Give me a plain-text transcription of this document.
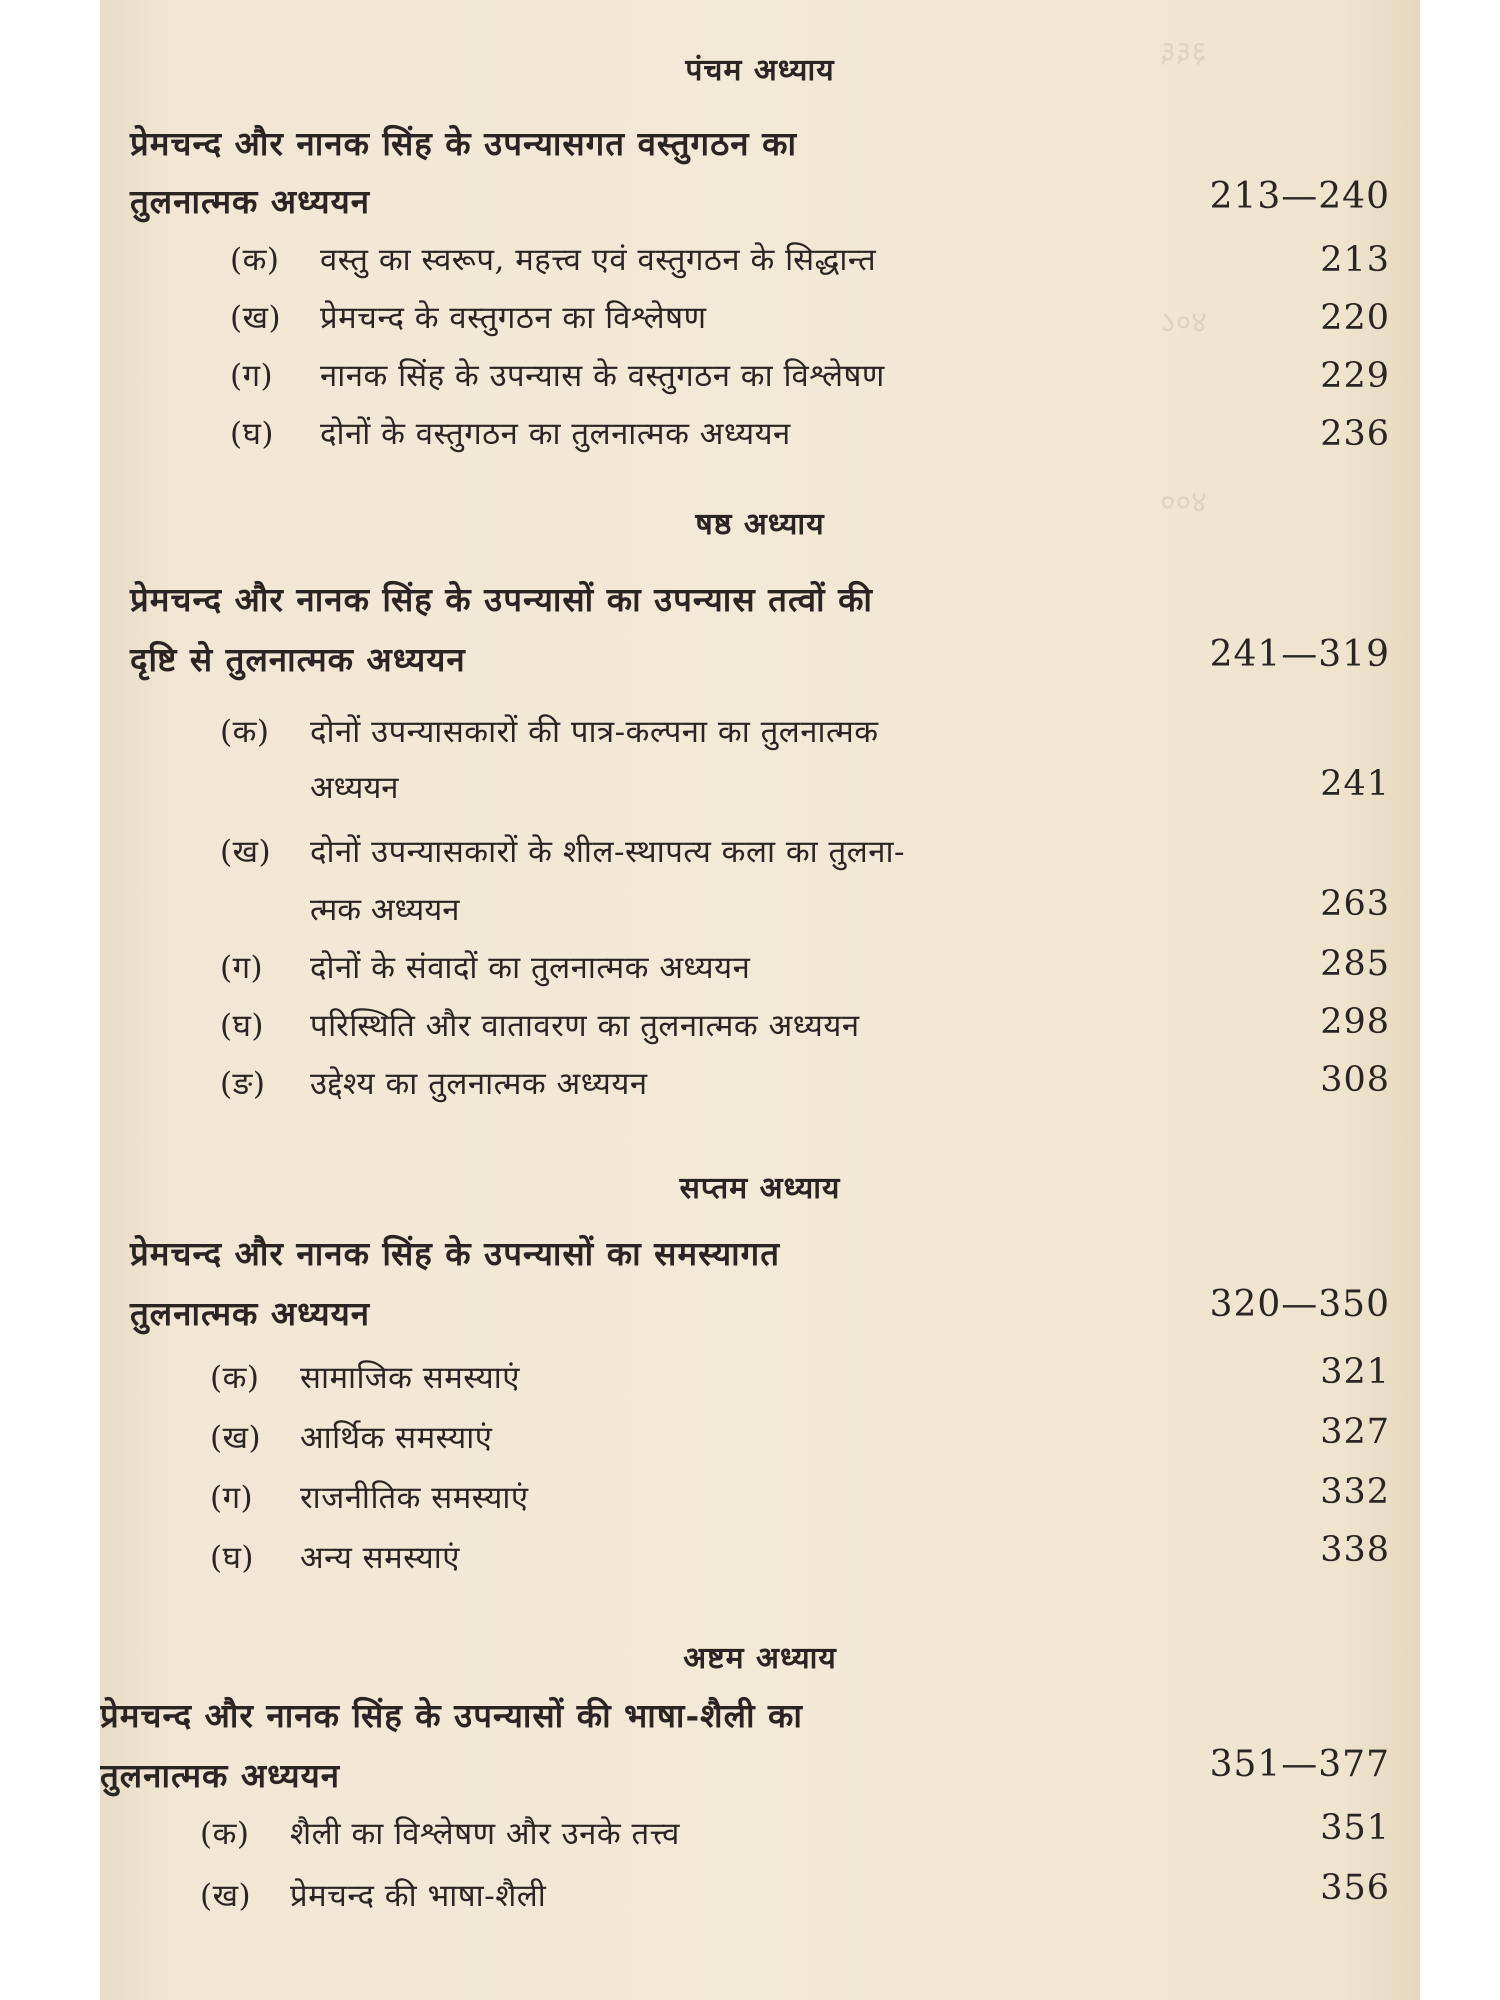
३६६
४०८
४००
पंचम अध्याय
प्रेमचन्द और नानक सिंह के उपन्यासगत वस्तुगठन का
तुलनात्मक अध्ययन	213—240
(क) वस्तु का स्वरूप, महत्त्व एवं वस्तुगठन के सिद्धान्त	213
(ख) प्रेमचन्द के वस्तुगठन का विश्लेषण	220
(ग) नानक सिंह के उपन्यास के वस्तुगठन का विश्लेषण	229
(घ) दोनों के वस्तुगठन का तुलनात्मक अध्ययन	236
षष्ठ अध्याय
प्रेमचन्द और नानक सिंह के उपन्यासों का उपन्यास तत्वों की
दृष्टि से तुलनात्मक अध्ययन	241—319
(क) दोनों उपन्यासकारों की पात्र-कल्पना का तुलनात्मक
अध्ययन	241
(ख) दोनों उपन्यासकारों के शील-स्थापत्य कला का तुलना-
त्मक अध्ययन	263
(ग) दोनों के संवादों का तुलनात्मक अध्ययन	285
(घ) परिस्थिति और वातावरण का तुलनात्मक अध्ययन	298
(ङ) उद्देश्य का तुलनात्मक अध्ययन	308
सप्तम अध्याय
प्रेमचन्द और नानक सिंह के उपन्यासों का समस्यागत
तुलनात्मक अध्ययन	320—350
(क) सामाजिक समस्याएं	321
(ख) आर्थिक समस्याएं	327
(ग) राजनीतिक समस्याएं	332
(घ) अन्य समस्याएं	338
अष्टम अध्याय
प्रेमचन्द और नानक सिंह के उपन्यासों की भाषा-शैली का
तुलनात्मक अध्ययन	351—377
(क) शैली का विश्लेषण और उनके तत्त्व	351
(ख) प्रेमचन्द की भाषा-शैली	356
